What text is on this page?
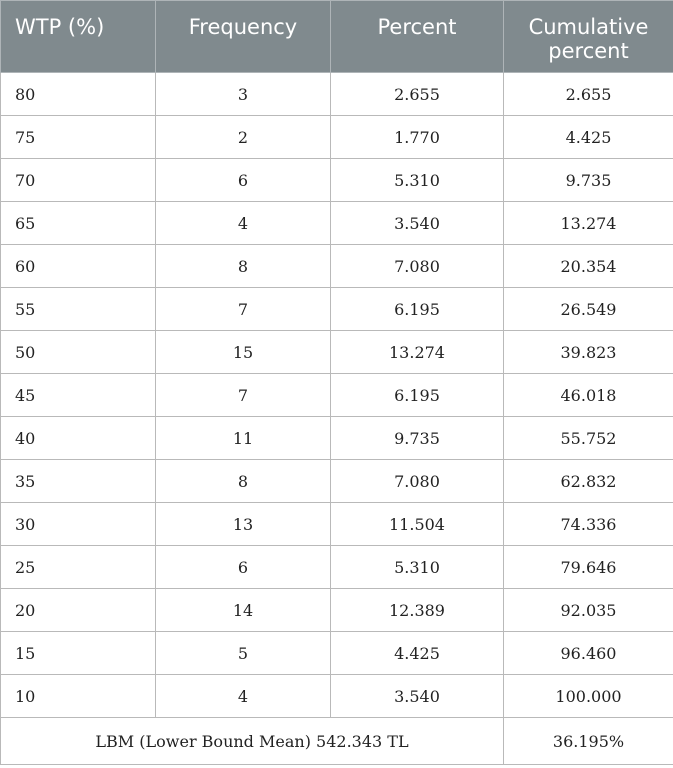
WTP (%)	Frequency	Percent	Cumulative percent

80	3	2.655	2.655
75	2	1.770	4.425
70	6	5.310	9.735
65	4	3.540	13.274
60	8	7.080	20.354
55	7	6.195	26.549
50	15	13.274	39.823
45	7	6.195	46.018
40	11	9.735	55.752
35	8	7.080	62.832
30	13	11.504	74.336
25	6	5.310	79.646
20	14	12.389	92.035
15	5	4.425	96.460
10	4	3.540	100.000
LBM (Lower Bound Mean) 542.343 TL			36.195%
